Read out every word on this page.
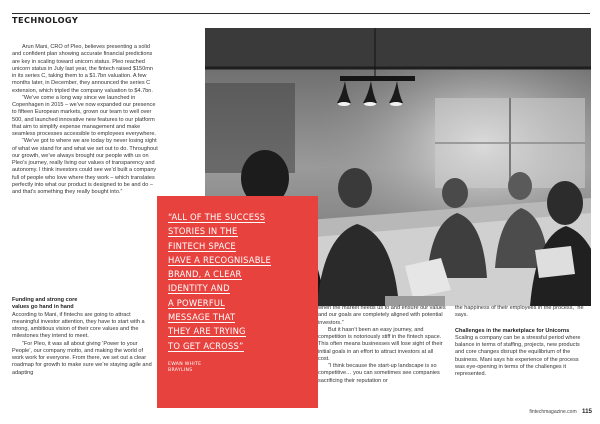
TECHNOLOGY

Arun Mani, CRO of Pleo, believes presenting a solid and confident plan showing accurate financial predictions are key in scaling toward unicorn status. Pleo reached unicorn status in July last year, the fintech raised $150mn in its series C, taking them to a $1.7bn valuation. A few months later, in December, they announced the series C extension, which tripled the company valuation to $4.7bn.

“We’ve come a long way since we launched in Copenhagen in 2015 – we’ve now expanded our presence to fifteen European markets, grown our team to well over 500, and launched innovative new features to our platform that aim to simplify expense management and make seamless processes accessible to employees everywhere.

“We’ve got to where we are today by never losing sight of what we stand for and what we set out to do. Throughout our growth, we’ve always brought our people with us on Pleo’s journey, really living our values of transparency and autonomy. I think investors could see we’d built a company full of people who love where they work – which translates perfectly into what our product is designed to be and do – and that’s something they really bought into.”

Funding and strong core
values go hand in hand

According to Mani, if fintechs are going to attract meaningful investor attention, they have to start with a strong, ambitious vision of their core values and the milestones they intend to meet.

“For Pleo, it was all about giving ‘Power to your People’, our company motto, and making the world of work work for everyone. From there, we set out a clear roadmap for growth to make sure we’re staying agile and adapting

“ALL OF THE SUCCESS
STORIES IN THE
FINTECH SPACE
HAVE A RECOGNISABLE
BRAND, A CLEAR
IDENTITY AND
A POWERFUL
MESSAGE THAT
THEY ARE TRYING
TO GET ACROSS”
EWAN WHITE
BRAYLINS

when the market needs us to and ensure our values and our goals are completely aligned with potential investors.”

But it hasn’t been an easy journey, and competition is notoriously stiff in the fintech space. This often means businesses will lose sight of their initial goals in an effort to attract investors at all cost.

“I think because the start-up landscape is so competitive… you can sometimes see companies sacrificing their reputation or

the happiness of their employees in the process,” he says.

Challenges in the marketplace for Unicorns

Scaling a company can be a stressful period where balance in terms of staffing, projects, new products and core changes disrupt the equilibrium of the business. Mani says his experience of the process was eye-opening in terms of the challenges it represented.

fintechmagazine.com 115
